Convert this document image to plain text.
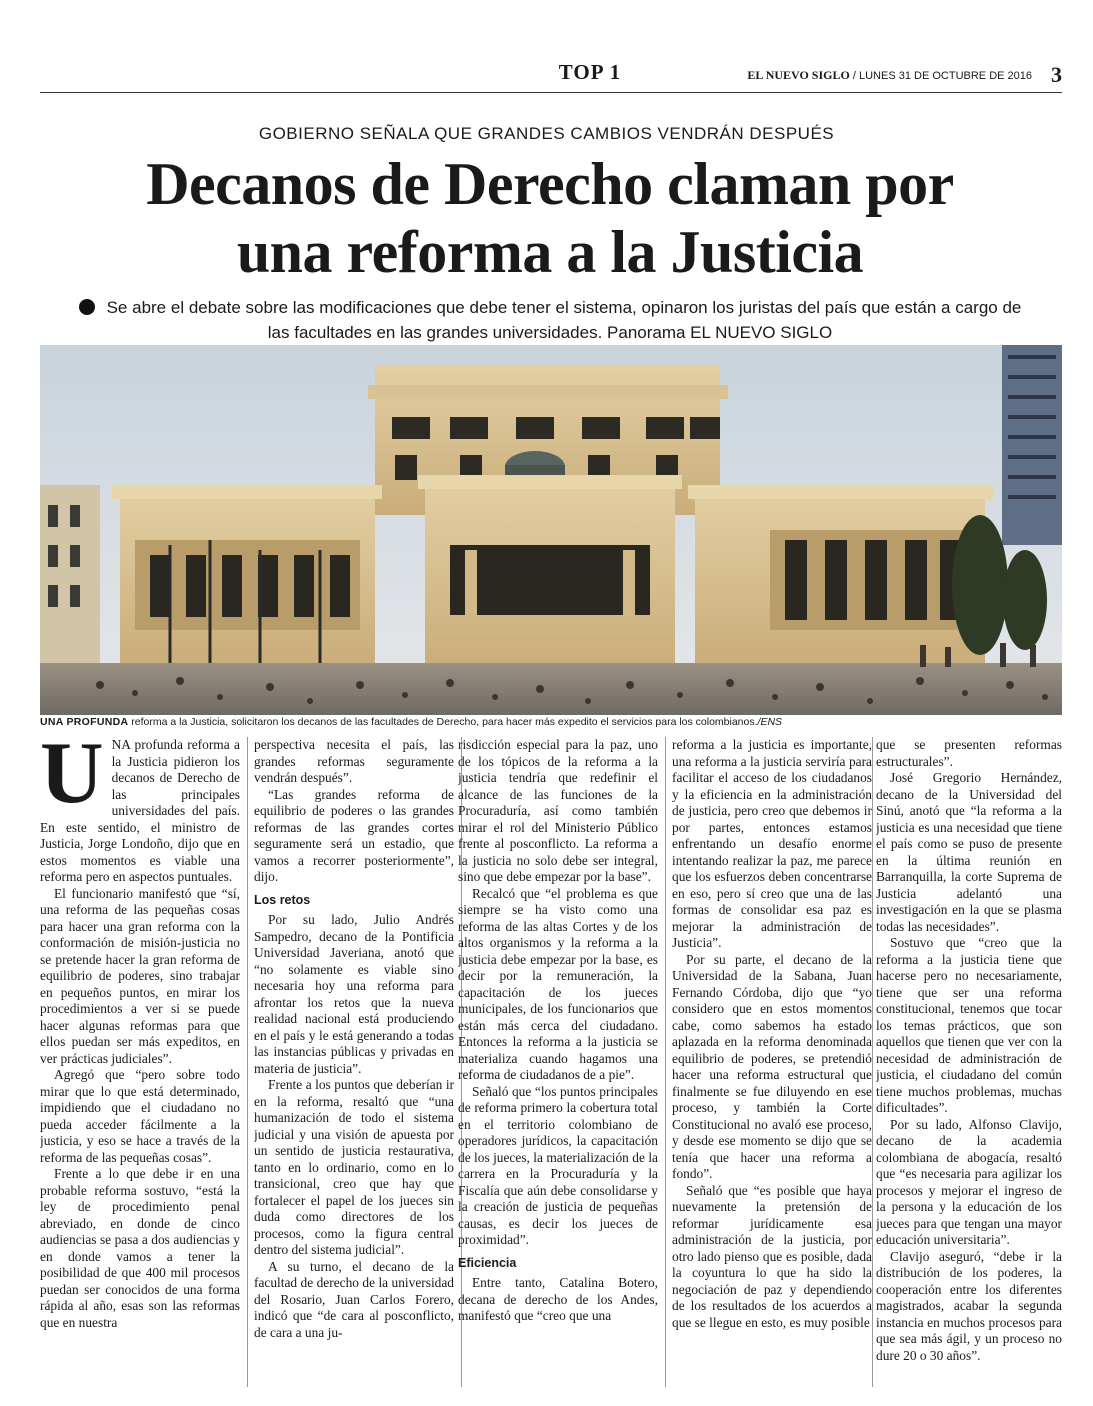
TOP 1	EL NUEVO SIGLO / LUNES 31 DE OCTUBRE DE 2016 3
GOBIERNO SEÑALA QUE GRANDES CAMBIOS VENDRÁN DESPUÉS
Decanos de Derecho claman por
una reforma a la Justicia
Se abre el debate sobre las modificaciones que debe tener el sistema, opinaron los juristas del país que están a cargo de las facultades en las grandes universidades. Panorama EL NUEVO SIGLO
UNA PROFUNDA reforma a la Justicia, solicitaron los decanos de las facultades de Derecho, para hacer más expedito el servicios para los colombianos./ENS

UNA profunda reforma a la Justicia pidieron los decanos de Derecho de las principales universidades del país. En este sentido, el ministro de Justicia, Jorge Londoño, dijo que en estos momentos es viable una reforma pero en aspectos puntuales.

El funcionario manifestó que “sí, una reforma de las pequeñas cosas para hacer una gran reforma con la conformación de misión-justicia no se pretende hacer la gran reforma de equilibrio de poderes, sino trabajar en pequeños puntos, en mirar los procedimientos a ver si se puede hacer algunas reformas para que ellos puedan ser más expeditos, en ver prácticas judiciales”.

Agregó que “pero sobre todo mirar que lo que está determinado, impidiendo que el ciudadano no pueda acceder fácilmente a la justicia, y eso se hace a través de la reforma de las pequeñas cosas”.

Frente a lo que debe ir en una probable reforma sostuvo, “está la ley de procedimiento penal abreviado, en donde de cinco audiencias se pasa a dos audiencias y en donde vamos a tener la posibilidad de que 400 mil procesos puedan ser conocidos de una forma rápida al año, esas son las reformas que en nuestra

perspectiva necesita el país, las grandes reformas seguramente vendrán después”.

“Las grandes reforma de equilibrio de poderes o las grandes reformas de las grandes cortes seguramente será un estadio, que vamos a recorrer posteriormente”, dijo.

Los retos

Por su lado, Julio Andrés Sampedro, decano de la Pontificia Universidad Javeriana, anotó que “no solamente es viable sino necesaria hoy una reforma para afrontar los retos que la nueva realidad nacional está produciendo en el país y le está generando a todas las instancias públicas y privadas en materia de justicia”.

Frente a los puntos que deberían ir en la reforma, resaltó que “una humanización de todo el sistema judicial y una visión de apuesta por un sentido de justicia restaurativa, tanto en lo ordinario, como en lo transicional, creo que hay que fortalecer el papel de los jueces sin duda como directores de los procesos, como la figura central dentro del sistema judicial”.

A su turno, el decano de la facultad de derecho de la universidad del Rosario, Juan Carlos Forero, indicó que “de cara al posconflicto, de cara a una ju-

risdicción especial para la paz, uno de los tópicos de la reforma a la justicia tendría que redefinir el alcance de las funciones de la Procuraduría, así como también mirar el rol del Ministerio Público frente al posconflicto. La reforma a la justicia no solo debe ser integral, sino que debe empezar por la base”.

Recalcó que “el problema es que siempre se ha visto como una reforma de las altas Cortes y de los altos organismos y la reforma a la justicia debe empezar por la base, es decir por la remuneración, la capacitación de los jueces municipales, de los funcionarios que están más cerca del ciudadano. Entonces la reforma a la justicia se materializa cuando hagamos una reforma de ciudadanos de a pie”.

Señaló que “los puntos principales de reforma primero la cobertura total en el territorio colombiano de operadores jurídicos, la capacitación de los jueces, la materialización de la carrera en la Procuraduría y la Fiscalía que aún debe consolidarse y la creación de justicia de pequeñas causas, es decir los jueces de proximidad”.

Eficiencia

Entre tanto, Catalina Botero, decana de derecho de los Andes, manifestó que “creo que una

reforma a la justicia es importante, una reforma a la justicia serviría para facilitar el acceso de los ciudadanos y la eficiencia en la administración de justicia, pero creo que debemos ir por partes, entonces estamos enfrentando un desafío enorme intentando realizar la paz, me parece que los esfuerzos deben concentrarse en eso, pero sí creo que una de las formas de consolidar esa paz es mejorar la administración de Justicia”.

Por su parte, el decano de la Universidad de la Sabana, Juan Fernando Córdoba, dijo que “yo considero que en estos momentos cabe, como sabemos ha estado aplazada en la reforma denominada equilibrio de poderes, se pretendió hacer una reforma estructural que finalmente se fue diluyendo en ese proceso, y también la Corte Constitucional no avaló ese proceso, y desde ese momento se dijo que se tenía que hacer una reforma a fondo”.

Señaló que “es posible que haya nuevamente la pretensión de reformar jurídicamente esa administración de la justicia, por otro lado pienso que es posible, dada la coyuntura lo que ha sido la negociación de paz y dependiendo de los resultados de los acuerdos a que se llegue en esto, es muy posible

que se presenten reformas estructurales”.

José Gregorio Hernández, decano de la Universidad del Sinú, anotó que “la reforma a la justicia es una necesidad que tiene el país como se puso de presente en la última reunión en Barranquilla, la corte Suprema de Justicia adelantó una investigación en la que se plasma todas las necesidades”.

Sostuvo que “creo que la reforma a la justicia tiene que hacerse pero no necesariamente, tiene que ser una reforma constitucional, tenemos que tocar los temas prácticos, que son aquellos que tienen que ver con la necesidad de administración de justicia, el ciudadano del común tiene muchos problemas, muchas dificultades”.

Por su lado, Alfonso Clavijo, decano de la academia colombiana de abogacía, resaltó que “es necesaria para agilizar los procesos y mejorar el ingreso de la persona y la educación de los jueces para que tengan una mayor educación universitaria”.

Clavijo aseguró, “debe ir la distribución de los poderes, la cooperación entre los diferentes magistrados, acabar la segunda instancia en muchos procesos para que sea más ágil, y un proceso no dure 20 o 30 años”.
